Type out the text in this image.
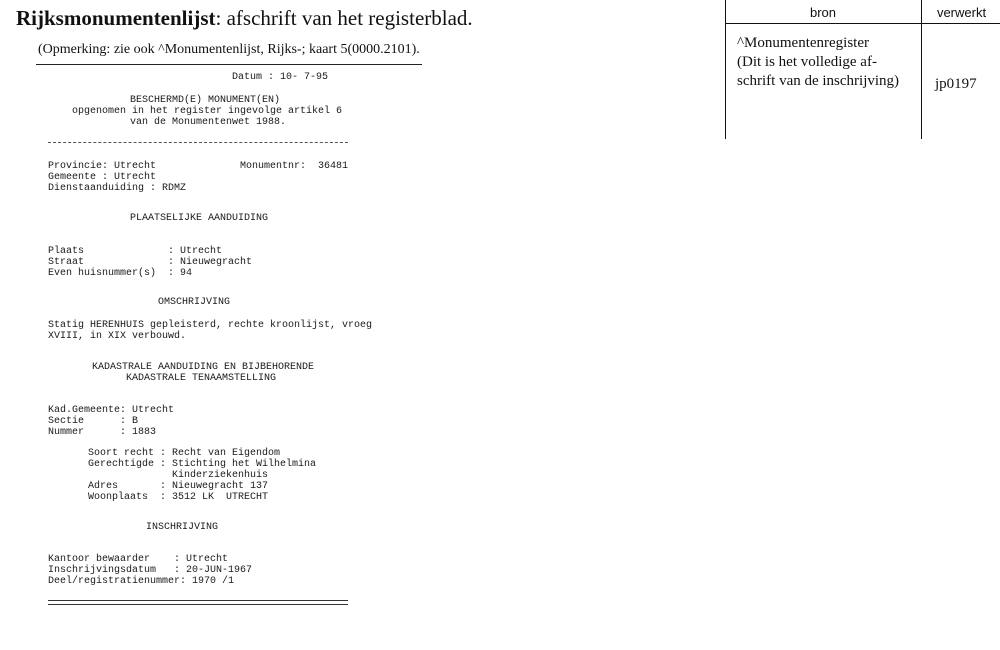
Rijksmonumentenlijst: afschrift van het registerblad.
(Opmerking: zie ook ^Monumentenlijst, Rijks-; kaart 5(0000.2101).
Datum : 10- 7-95
BESCHERMD(E) MONUMENT(EN)
opgenomen in het register ingevolge artikel 6
van de Monumentenwet 1988.
Provincie: Utrecht	Monumentnr:  36481
Gemeente : Utrecht
Dienstaanduiding : RDMZ
PLAATSELIJKE AANDUIDING
Plaats              : Utrecht
Straat              : Nieuwegracht
Even huisnummer(s)  : 94
OMSCHRIJVING
Statig HERENHUIS gepleisterd, rechte kroonlijst, vroeg
XVIII, in XIX verbouwd.
KADASTRALE AANDUIDING EN BIJBEHORENDE
KADASTRALE TENAAMSTELLING
Kad.Gemeente: Utrecht
Sectie      : B
Nummer      : 1883
Soort recht : Recht van Eigendom
Gerechtigde : Stichting het Wilhelmina
Kinderziekenhuis
Adres       : Nieuwegracht 137
Woonplaats  : 3512 LK  UTRECHT
INSCHRIJVING
Kantoor bewaarder    : Utrecht
Inschrijvingsdatum   : 20-JUN-1967
Deel/registratienummer: 1970 /1
bron	verwerkt
^Monumentenregister
(Dit is het volledige af-
schrift van de inschrijving) jp0197
